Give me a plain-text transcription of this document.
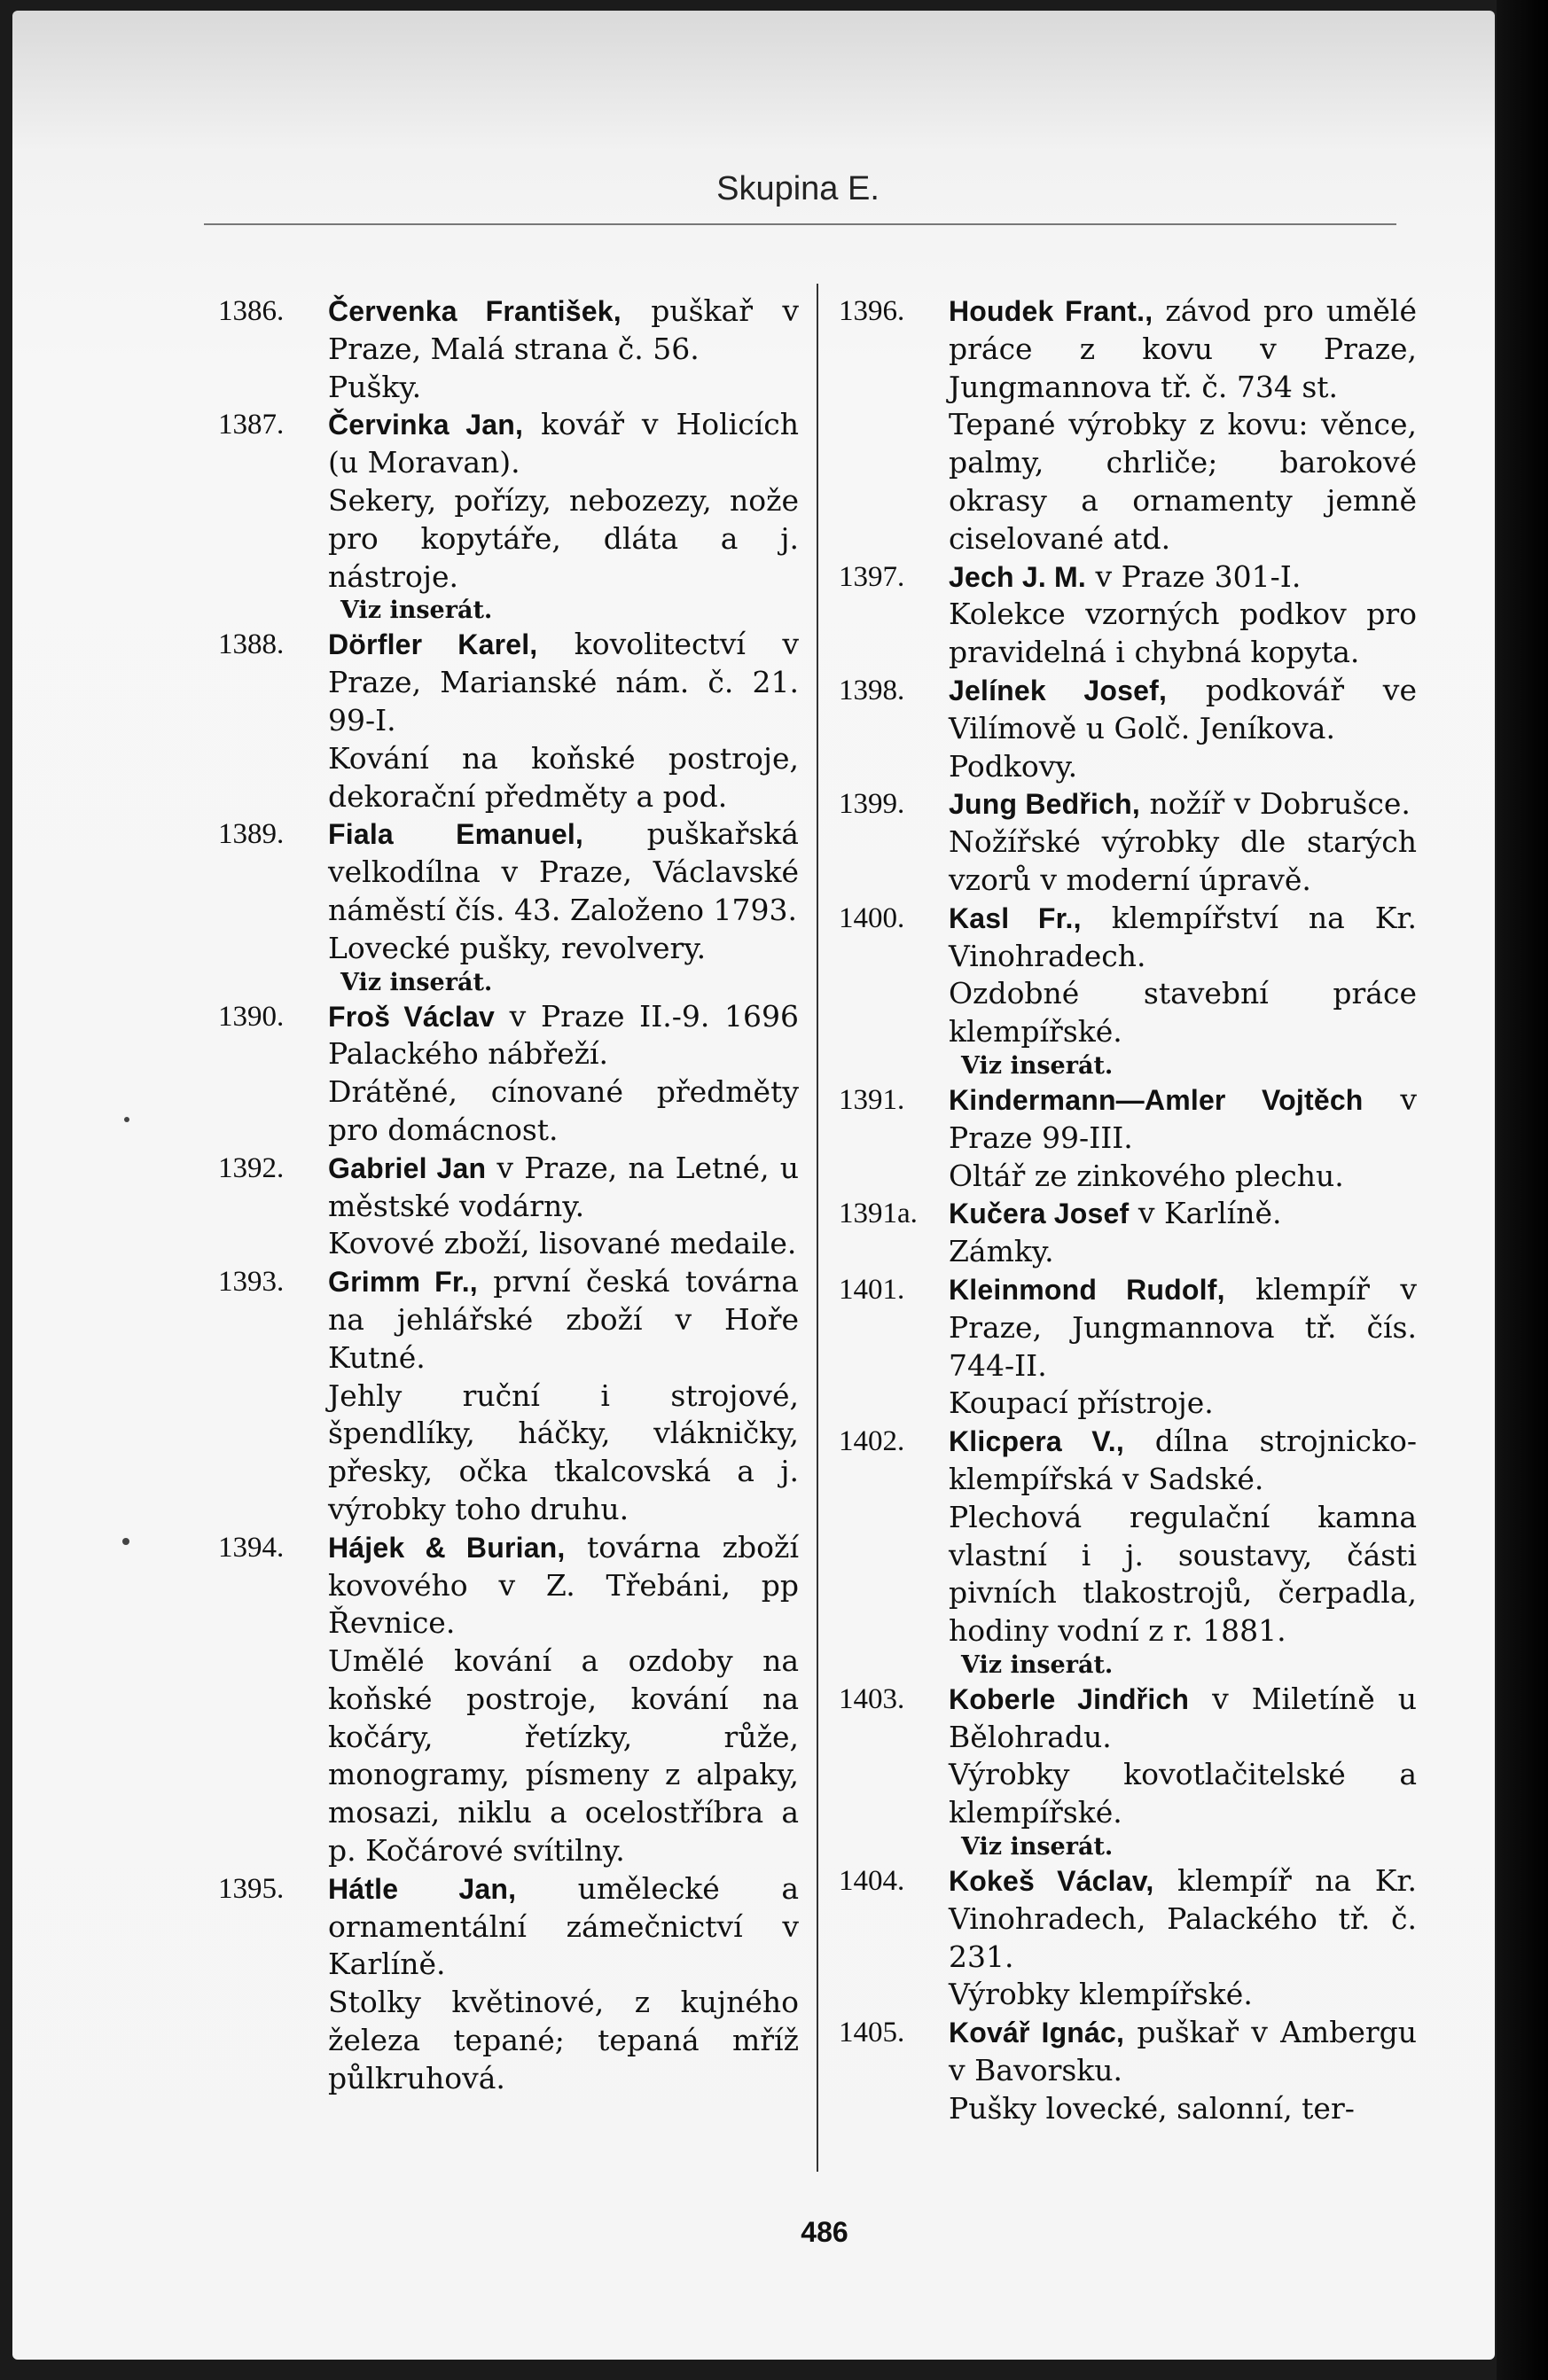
Skupina E.
1386.	Červenka František, puškař v Praze, Malá strana č. 56.
Pušky.
1387.	Červinka Jan, kovář v Holicích (u Moravan).
Sekery, pořízy, nebozezy, nože pro kopytáře, dláta a j. nástroje.
Viz inserát.
1388.	Dörfler Karel, kovolitectví v Praze, Marianské nám. č. 21. 99-I.
Kování na koňské postroje, dekorační předměty a pod.
1389.	Fiala Emanuel, puškařská velkodílna v Praze, Václavské náměstí čís. 43. Založeno 1793.
Lovecké pušky, revolvery.
Viz inserát.
1390.	Froš Václav v Praze II.-9. 1696 Palackého nábřeží.
Drátěné, cínované předměty pro domácnost.
1392.	Gabriel Jan v Praze, na Letné, u městské vodárny.
Kovové zboží, lisované medaile.
1393.	Grimm Fr., první česká továrna na jehlářské zboží v Hoře Kutné.
Jehly ruční i strojové, špendlíky, háčky, vlákničky, přesky, očka tkalcovská a j. výrobky toho druhu.
1394.	Hájek & Burian, továrna zboží kovového v Z. Třebáni, pp Řevnice.
Umělé kování a ozdoby na koňské postroje, kování na kočáry, řetízky, růže, monogramy, písmeny z alpaky, mosazi, niklu a ocelostříbra a p. Kočárové svítilny.
1395.	Hátle Jan, umělecké a ornamentální zámečnictví v Karlíně.
Stolky květinové, z kujného železa tepané; tepaná mříž půlkruhová.
1396.	Houdek Frant., závod pro umělé práce z kovu v Praze, Jungmannova tř. č. 734 st.
Tepané výrobky z kovu: věnce, palmy, chrliče; barokové okrasy a ornamenty jemně ciselované atd.
1397.	Jech J. M. v Praze 301-I.
Kolekce vzorných podkov pro pravidelná i chybná kopyta.
1398.	Jelínek Josef, podkovář ve Vilímově u Golč. Jeníkova.
Podkovy.
1399.	Jung Bedřich, nožíř v Dobrušce.
Nožířské výrobky dle starých vzorů v moderní úpravě.
1400.	Kasl Fr., klempířství na Kr. Vinohradech.
Ozdobné stavební práce klempířské.
Viz inserát.
1391.	Kindermann—Amler Vojtěch v Praze 99-III.
Oltář ze zinkového plechu.
1391a.	Kučera Josef v Karlíně.
Zámky.
1401.	Kleinmond Rudolf, klempíř v Praze, Jungmannova tř. čís. 744-II.
Koupací přístroje.
1402.	Klicpera V., dílna strojnicko-klempířská v Sadské.
Plechová regulační kamna vlastní i j. soustavy, části pivních tlakostrojů, čerpadla, hodiny vodní z r. 1881.
Viz inserát.
1403.	Koberle Jindřich v Miletíně u Bělohradu.
Výrobky kovotlačitelské a klempířské.
Viz inserát.
1404.	Kokeš Václav, klempíř na Kr. Vinohradech, Palackého tř. č. 231.
Výrobky klempířské.
1405.	Kovář Ignác, puškař v Ambergu v Bavorsku.
Pušky lovecké, salonní, ter-
486
